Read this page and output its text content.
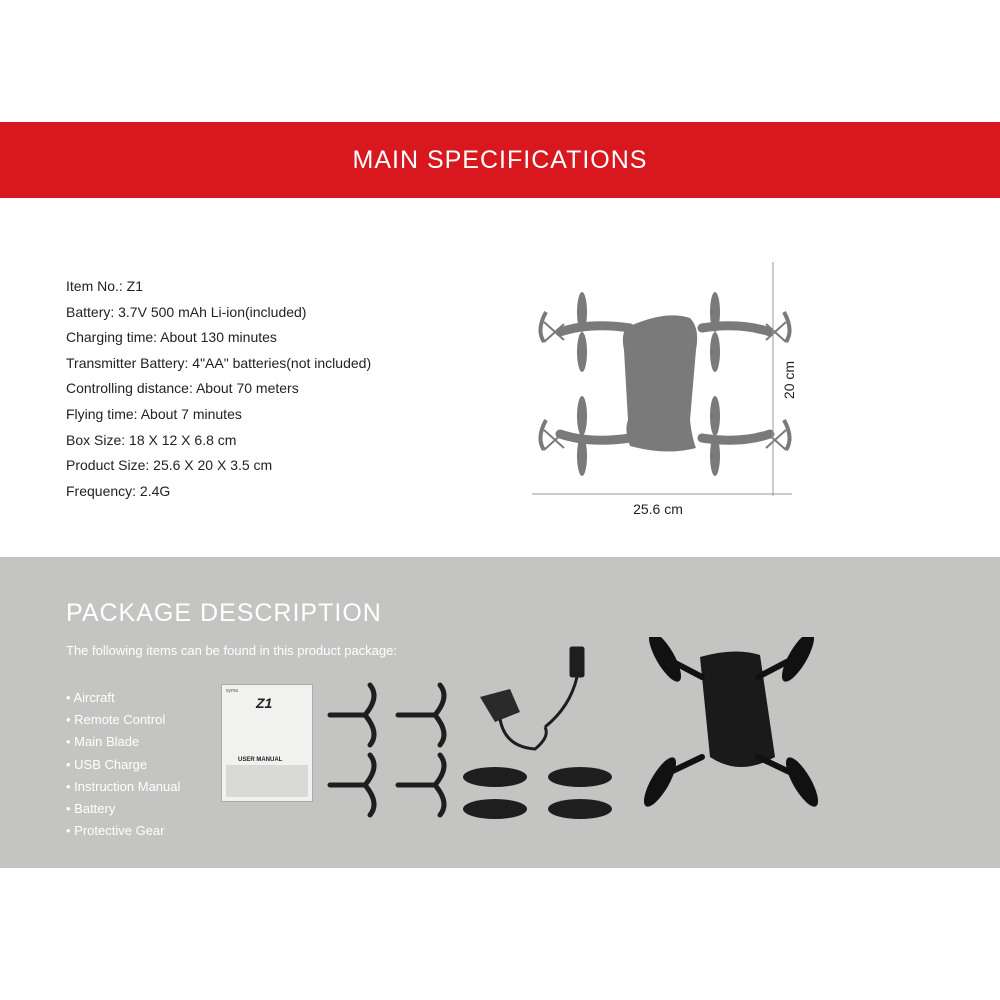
MAIN SPECIFICATIONS
Item No.: Z1
Battery: 3.7V 500 mAh Li-ion(included)
Charging time: About 130 minutes
Transmitter Battery: 4"AA" batteries(not included)
Controlling distance: About 70 meters
Flying time: About 7 minutes
Box Size: 18 X 12 X 6.8 cm
Product Size: 25.6 X 20 X 3.5 cm
Frequency: 2.4G
20 cm
25.6 cm
PACKAGE DESCRIPTION

The following items can be found in this product package:

• Aircraft
• Remote Control
• Main Blade
• USB Charge
• Instruction Manual
• Battery
• Protective Gear
syma
Z1
USER MANUAL
